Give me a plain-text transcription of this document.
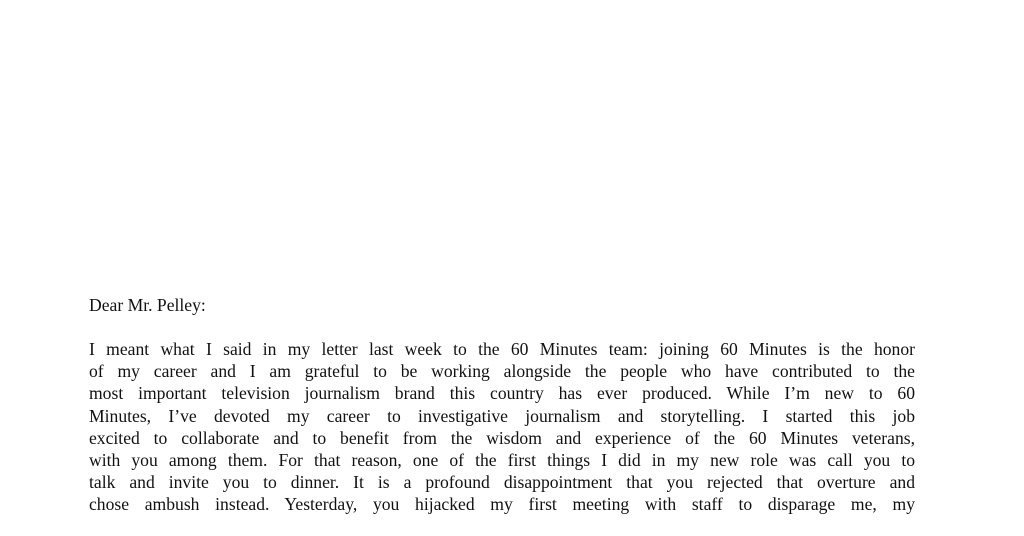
Dear Mr. Pelley:
I meant what I said in my letter last week to the 60 Minutes team: joining 60 Minutes is the honor
of my career and I am grateful to be working alongside the people who have contributed to the
most important television journalism brand this country has ever produced. While I’m new to 60
Minutes, I’ve devoted my career to investigative journalism and storytelling. I started this job
excited to collaborate and to benefit from the wisdom and experience of the 60 Minutes veterans,
with you among them. For that reason, one of the first things I did in my new role was call you to
talk and invite you to dinner. It is a profound disappointment that you rejected that overture and
chose ambush instead. Yesterday, you hijacked my first meeting with staff to disparage me, my
